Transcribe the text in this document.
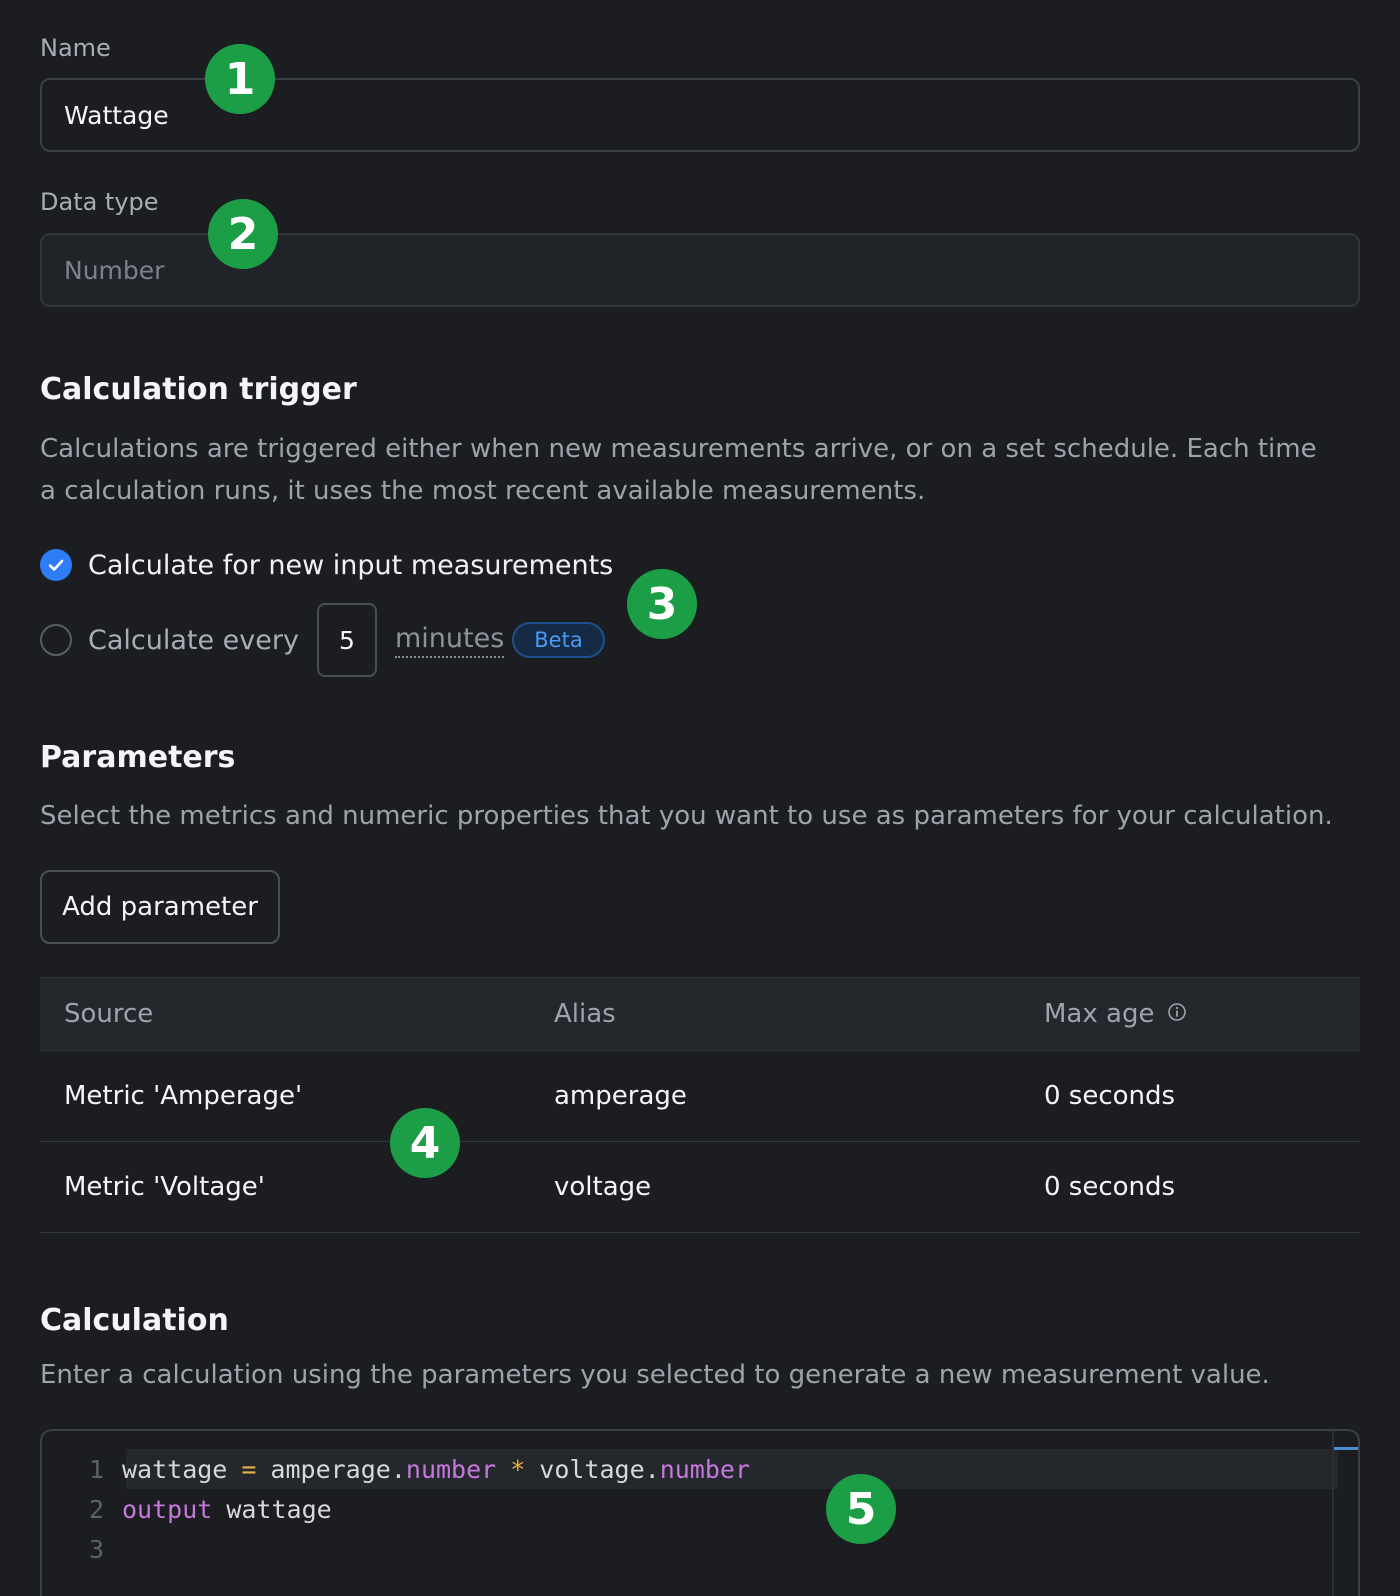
Name
Wattage
Data type
Number
Calculation trigger
Calculations are triggered either when new measurements arrive, or on a set schedule. Each time a calculation runs, it uses the most recent available measurements.
Calculate for new input measurements
Calculate every	5	minutes	Beta
Parameters
Select the metrics and numeric properties that you want to use as parameters for your calculation.
Add parameter
Source	Alias	Max age
Metric 'Amperage'	amperage	0 seconds
Metric 'Voltage'	voltage	0 seconds
Calculation
Enter a calculation using the parameters you selected to generate a new measurement value.
1 wattage = amperage. number * voltage. number
2 output wattage
3
1
2
3
4
5
